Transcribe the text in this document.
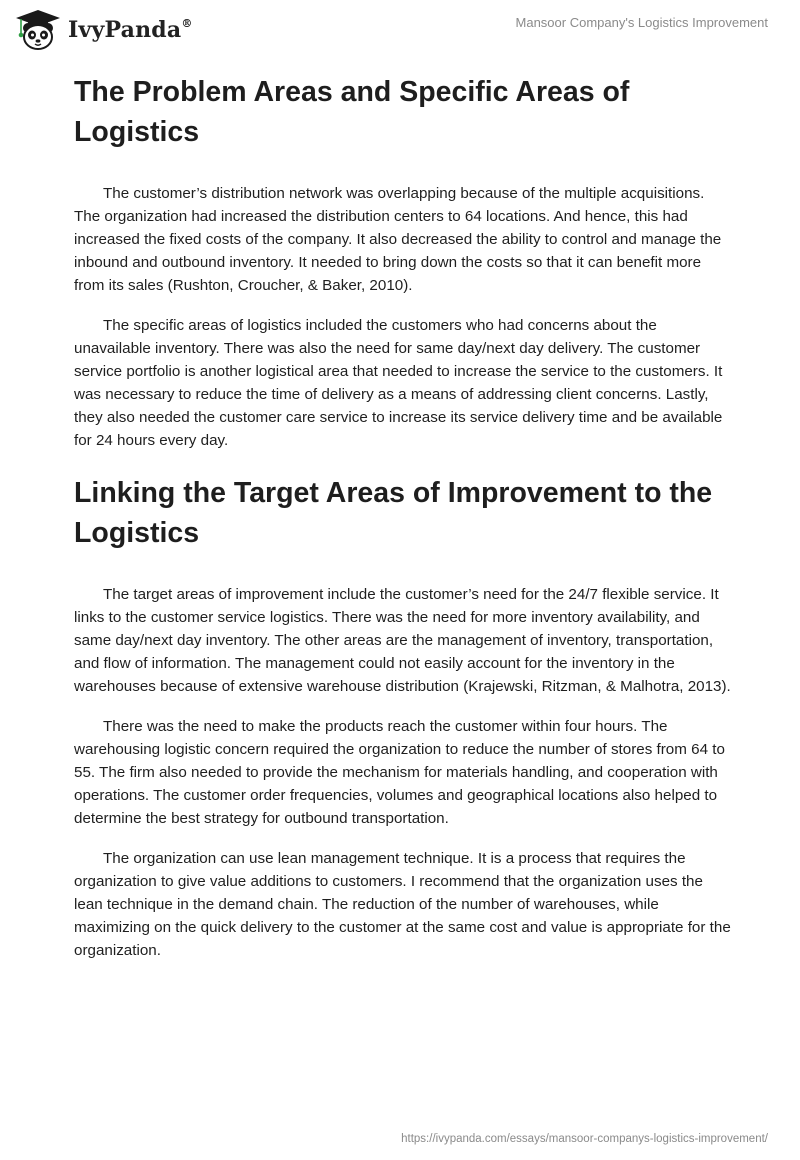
IvyPanda®	Mansoor Company's Logistics Improvement
The Problem Areas and Specific Areas of Logistics

The customer’s distribution network was overlapping because of the multiple acquisitions. The organization had increased the distribution centers to 64 locations. And hence, this had increased the fixed costs of the company. It also decreased the ability to control and manage the inbound and outbound inventory. It needed to bring down the costs so that it can benefit more from its sales (Rushton, Croucher, & Baker, 2010).

The specific areas of logistics included the customers who had concerns about the unavailable inventory. There was also the need for same day/next day delivery. The customer service portfolio is another logistical area that needed to increase the service to the customers. It was necessary to reduce the time of delivery as a means of addressing client concerns. Lastly, they also needed the customer care service to increase its service delivery time and be available for 24 hours every day.

Linking the Target Areas of Improvement to the Logistics

The target areas of improvement include the customer’s need for the 24/7 flexible service. It links to the customer service logistics. There was the need for more inventory availability, and same day/next day inventory. The other areas are the management of inventory, transportation, and flow of information. The management could not easily account for the inventory in the warehouses because of extensive warehouse distribution (Krajewski, Ritzman, & Malhotra, 2013).

There was the need to make the products reach the customer within four hours. The warehousing logistic concern required the organization to reduce the number of stores from 64 to 55. The firm also needed to provide the mechanism for materials handling, and cooperation with operations. The customer order frequencies, volumes and geographical locations also helped to determine the best strategy for outbound transportation.

The organization can use lean management technique. It is a process that requires the organization to give value additions to customers. I recommend that the organization uses the lean technique in the demand chain. The reduction of the number of warehouses, while maximizing on the quick delivery to the customer at the same cost and value is appropriate for the organization.

https://ivypanda.com/essays/mansoor-companys-logistics-improvement/
